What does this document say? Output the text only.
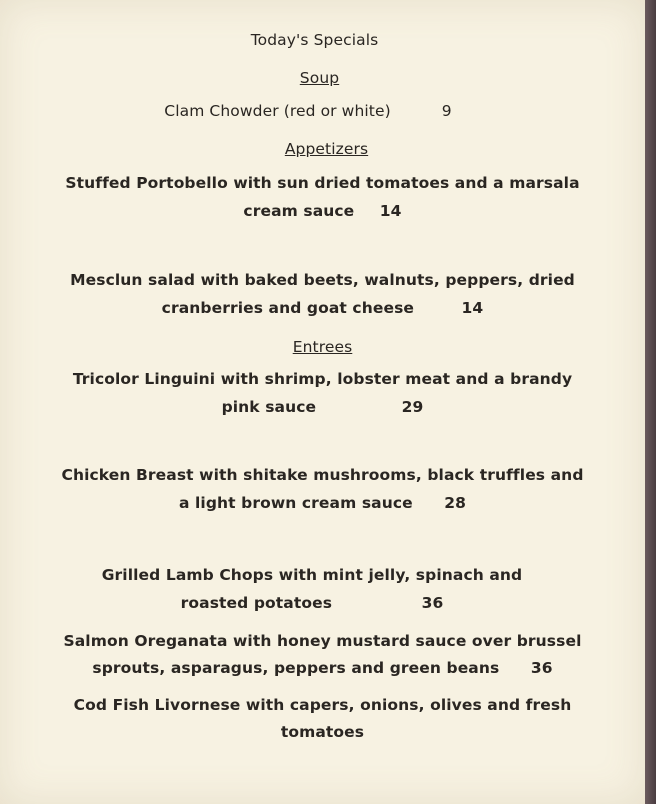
Today's Specials
Soup
Clam Chowder (red or white)	9
Appetizers
Stuffed Portobello with sun dried tomatoes and a marsala
cream sauce 14
Mesclun salad with baked beets, walnuts, peppers, dried
cranberries and goat cheese	14
Entrees
Tricolor Linguini with shrimp, lobster meat and a brandy
pink sauce	29
Chicken Breast with shitake mushrooms, black truffles and
a light brown cream sauce 28
Grilled Lamb Chops with mint jelly, spinach and
roasted potatoes	36
Salmon Oreganata with honey mustard sauce over brussel
sprouts, asparagus, peppers and green beans 36
Cod Fish Livornese with capers, onions, olives and fresh
tomatoes
